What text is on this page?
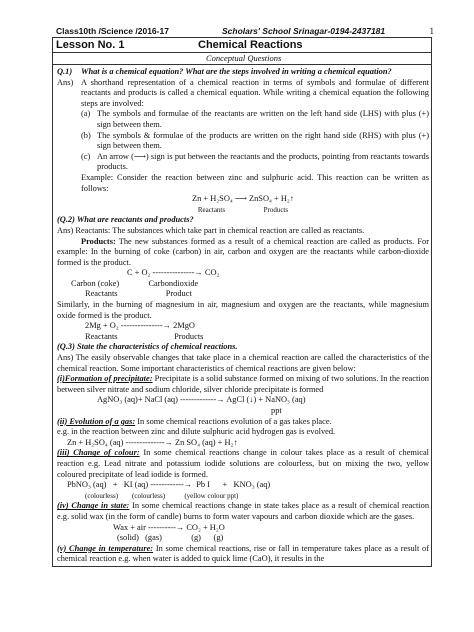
Class10th /Science /2016-17	Scholars' School Srinagar-0194-2437181	1
Lesson No. 1	Chemical Reactions
Conceptual Questions
Q.1)	What is a chemical equation? What are the steps involved in writing a chemical equation?
Ans) A shorthand representation of a chemical reaction in terms of symbols and formulae of different reactants and products is called a chemical equation. While writing a chemical equation the following steps are involved:
(a) The symbols and formulae of the reactants are written on the left hand side (LHS) with plus (+) sign between them.
(b) The symbols & formulae of the products are written on the right hand side (RHS) with plus (+) sign between them.
(c) An arrow (⟶) sign is put between the reactants and the products, pointing from reactants towards products.

Example: Consider the reaction between zinc and sulphuric acid. This reaction can be written as follows:

Zn + H₂SO₄ ⟶ ZnSO₄ + H₂↑

Reactants                      Products

(Q.2) What are reactants and products?

Ans) Reactants: The substances which take part in chemical reaction are called as reactants.

Products: The new substances formed as a result of a chemical reaction are called as products. For example: In the burning of coke (carbon) in air, carbon and oxygen are the reactants while carbon-dioxide formed is the product.

C + O₂ ---------------→ CO₂

Carbon (coke)              Carbondioxide

Reactants                       Product

Similarly, in the burning of magnesium in air, magnesium and oxygen are the reactants, while magnesium oxide formed is the product.

2Mg + O₂ ---------------→ 2MgO

Reactants                           Products

(Q.3) State the characteristics of chemical reactions.

Ans) The easily observable changes that take place in a chemical reaction are called the characteristics of the chemical reaction. Some important characteristics of chemical reactions are given below:

(i)Formation of precipitate: Precipitate is a solid substance formed on mixing of two solutions. In the reaction between silver nitrate and sodium chloride, silver chloride precipitate is formed

AgNO₃ (aq)+ NaCl (aq) -------------→ AgCl (↓) + NaNO₃ (aq)

ppt

(ii) Evolution of a gas: In some chemical reactions evolution of a gas takes place.

e.g. in the reaction between zinc and dilute sulphuric acid hydrogen gas is evolved.

Zn + H₂SO₄ (aq) --------------→ Zn SO₄ (aq) + H₂↑

(iii) Change of colour: In some chemical reactions change in colour takes place as a result of chemical reaction e.g. Lead nitrate and potassium iodide solutions are colourless, but on mixing the two, yellow coloured precipitate of lead iodide is formed.

PbNO₃ (aq)   +   KI (aq) ------------→  Pb I      +   KNO₃ (aq)

(colourless)        (colourless)           (yellow colour ppt)

(iv) Change in state: In some chemical reactions change in state takes place as a result of chemical reaction e.g. solid wax (in the form of candle) burns to form water vapours and carbon dioxide which are the gases.

Wax + air ----------→ CO₂ + H₂O

(solid)   (gas)              (g)      (g)

(v) Change in temperature: In some chemical reactions, rise or fall in temperature takes place as a result of chemical reaction e.g. when water is added to quick lime (CaO), it results in the
